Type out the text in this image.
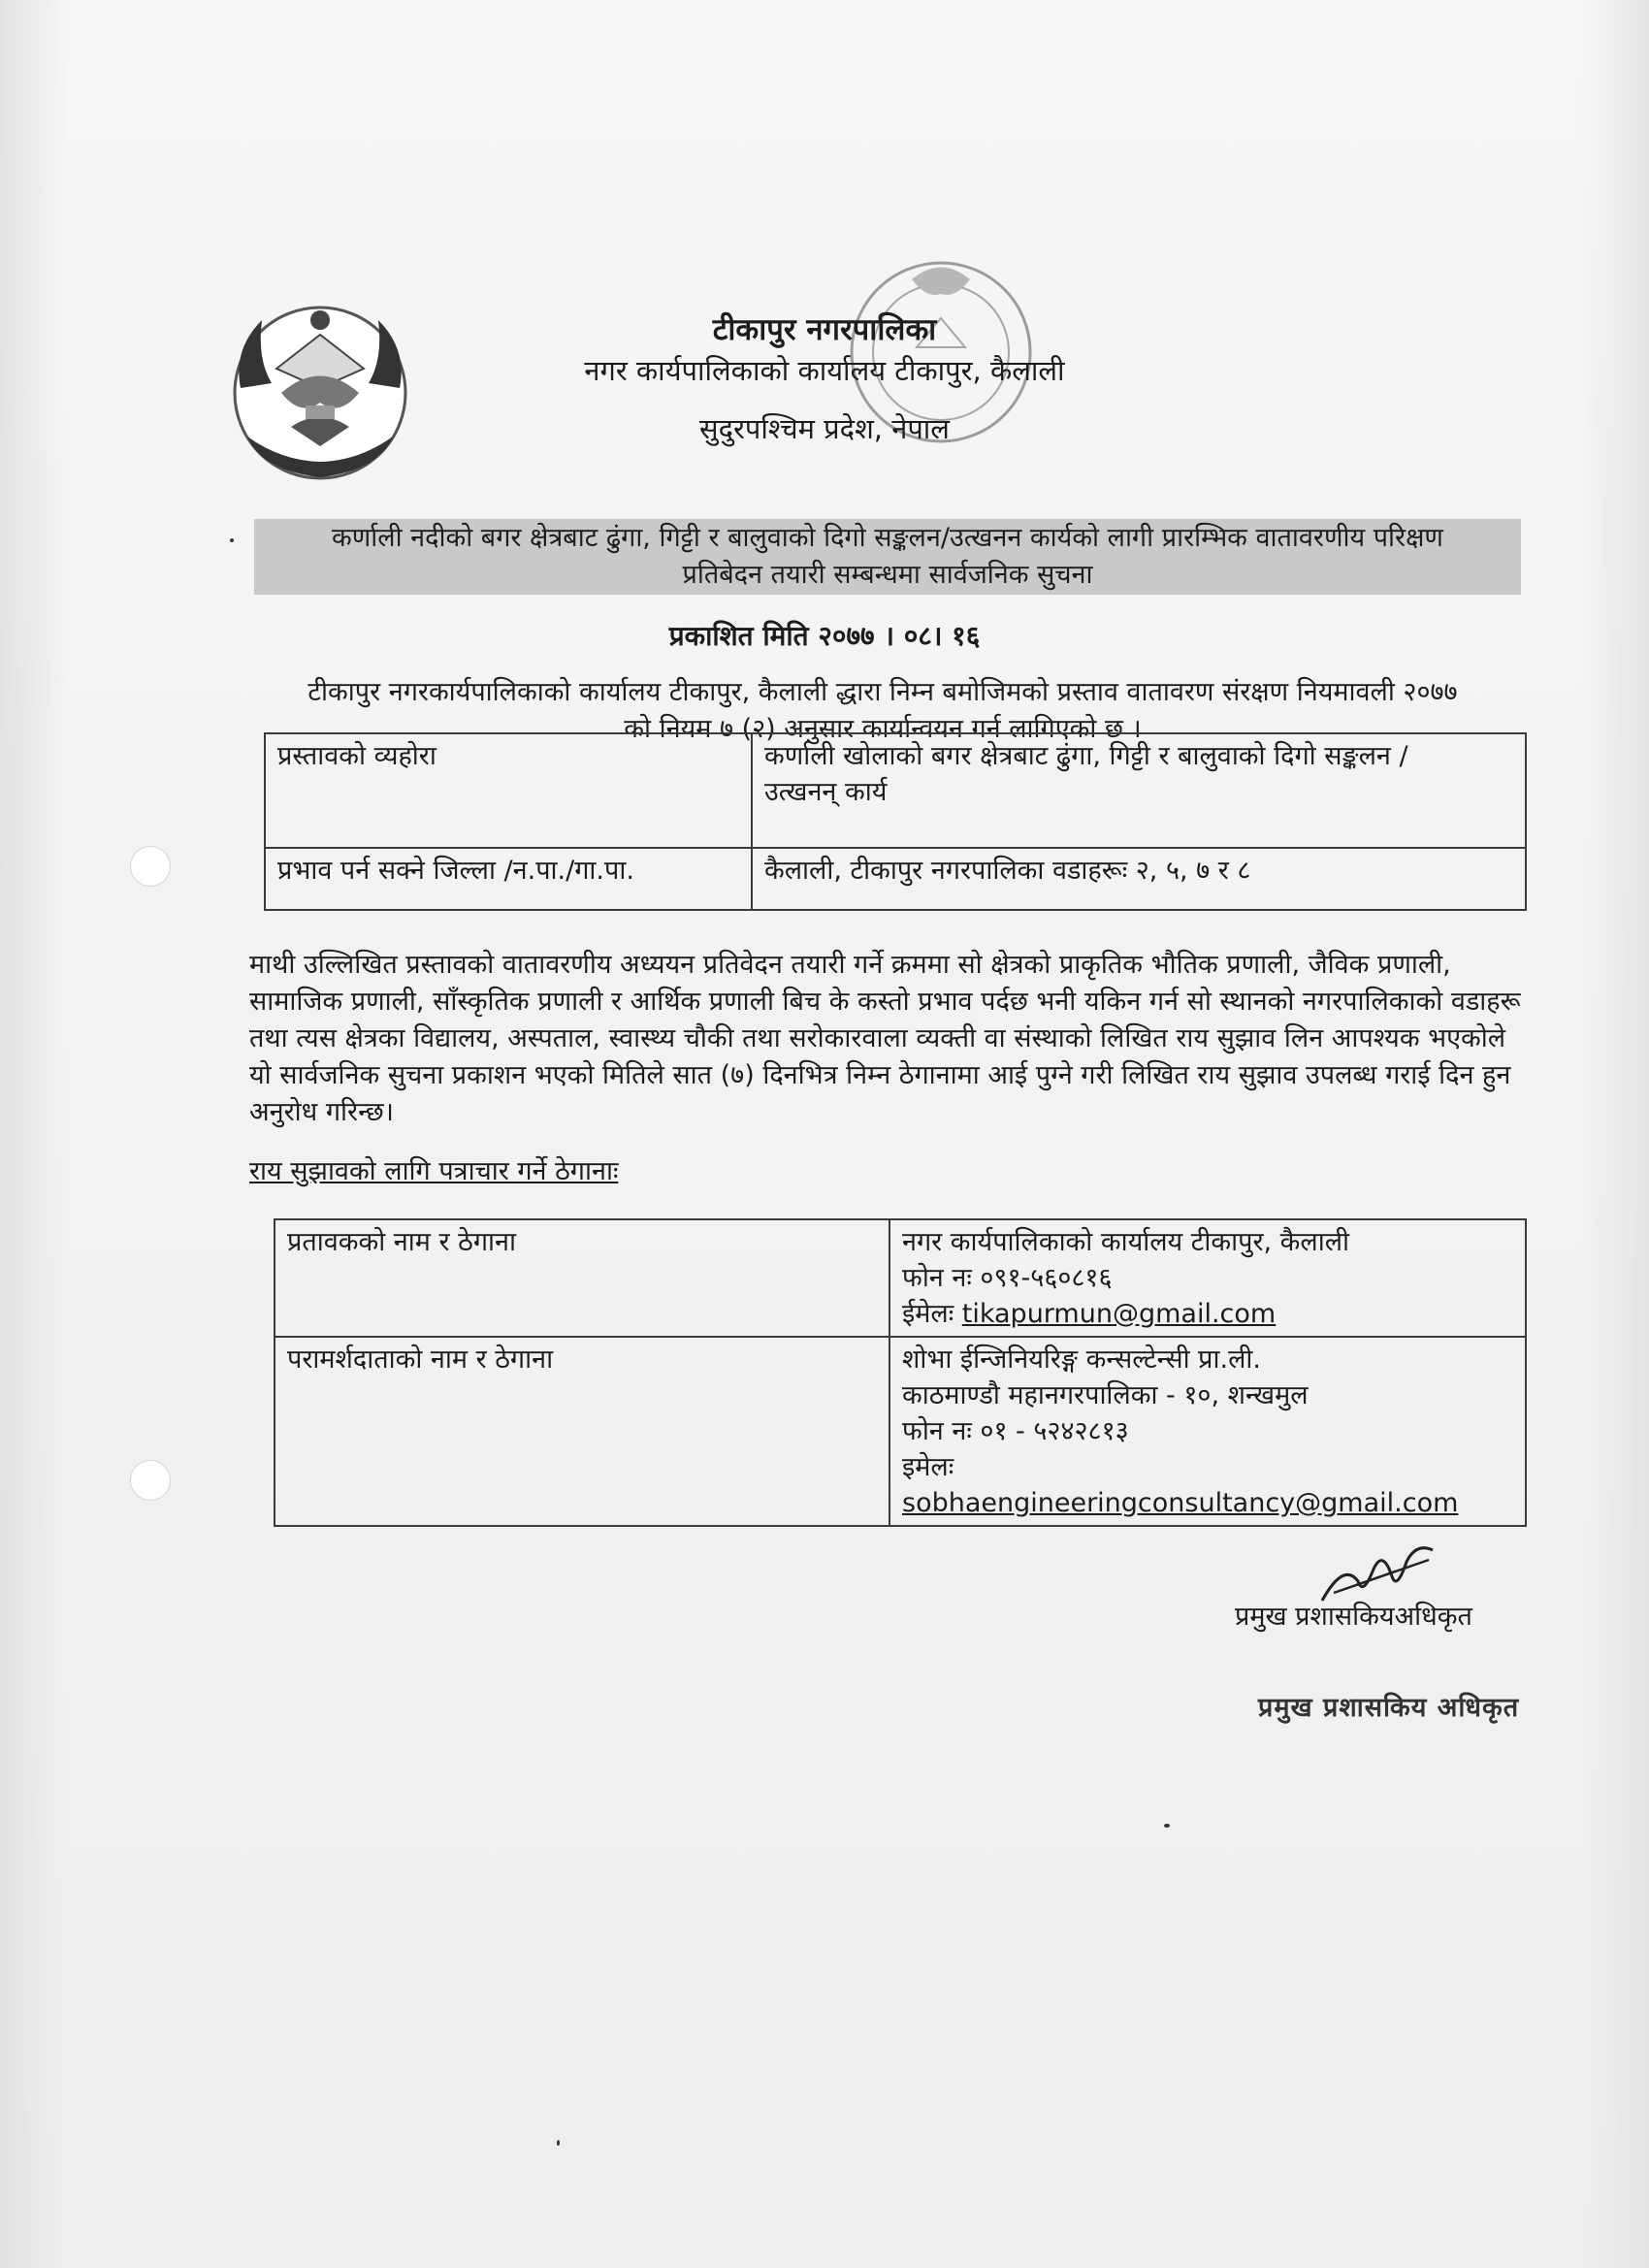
टीकापुर नगरपालिका
नगर कार्यपालिकाको कार्यालय टीकापुर, कैलाली
सुदुरपश्चिम प्रदेश, नेपाल
कर्णाली नदीको बगर क्षेत्रबाट ढुंगा, गिट्टी र बालुवाको दिगो सङ्कलन/उत्खनन कार्यको लागी प्रारम्भिक वातावरणीय परिक्षण
प्रतिबेदन तयारी सम्बन्धमा सार्वजनिक सुचना
प्रकाशित मिति २०७७ । ०८। १६
टीकापुर नगरकार्यपालिकाको कार्यालय टीकापुर, कैलाली द्धारा निम्न बमोजिमको प्रस्ताव वातावरण संरक्षण नियमावली २०७७
को नियम ७ (२) अनुसार कार्यान्वयन गर्न लागिएको छ ।
प्रस्तावको व्यहोरा	कर्णाली खोलाको बगर क्षेत्रबाट ढुंगा, गिट्टी र बालुवाको दिगो सङ्कलन /
उत्खनन् कार्य

प्रभाव पर्न सक्ने जिल्ला /न.पा./गा.पा.	कैलाली, टीकापुर नगरपालिका वडाहरूः २, ५, ७ र ८
माथी उल्लिखित प्रस्तावको वातावरणीय अध्ययन प्रतिवेदन तयारी गर्ने क्रममा सो क्षेत्रको प्राकृतिक भौतिक प्रणाली, जैविक प्रणाली, सामाजिक प्रणाली, साँस्कृतिक प्रणाली र आर्थिक प्रणाली बिच के कस्तो प्रभाव पर्दछ भनी यकिन गर्न सो स्थानको नगरपालिकाको वडाहरू तथा त्यस क्षेत्रका विद्यालय, अस्पताल, स्वास्थ्य चौकी तथा सरोकारवाला व्यक्ती वा संस्थाको लिखित राय सुझाव लिन आपश्यक भएकोले यो सार्वजनिक सुचना प्रकाशन भएको मितिले सात (७) दिनभित्र निम्न ठेगानामा आई पुग्ने गरी लिखित राय सुझाव उपलब्ध गराई दिन हुन अनुरोध गरिन्छ।
राय सुझावको लागि पत्राचार गर्ने ठेगानाः
प्रतावकको नाम र ठेगाना	नगर कार्यपालिकाको कार्यालय टीकापुर, कैलाली
फोन नः ०९१-५६०८१६
ईमेलः tikapurmun@gmail.com

परामर्शदाताको नाम र ठेगाना	शोभा ईन्जिनियरिङ्ग कन्सल्टेन्सी प्रा.ली.
काठमाण्डौ महानगरपालिका - १०, शन्खमुल
फोन नः ०१ - ५२४२८१३
इमेलः sobhaengineeringconsultancy@gmail.com
प्रमुख प्रशासकियअधिकृत
प्रमुख प्रशासकिय अधिकृत
